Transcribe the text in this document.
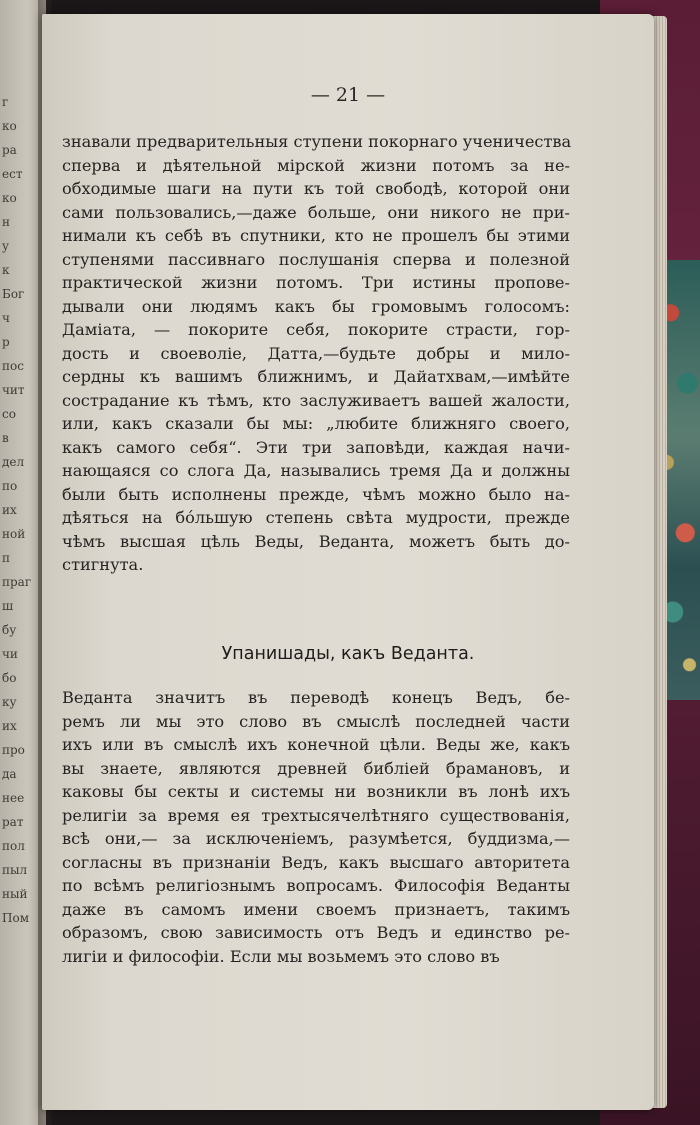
г
ко
ра
ест
ко
н
у
к
Бог
ч
р
пос
чит
со
в
дел
по
их
ной
п
праг
ш
бу
чи
бо
ку
их
про
да
нее
рат
пол
пыл
ный
Пом
— 21 —
знавали предварительныя ступени покорнаго ученичества
сперва и дѣятельной мірской жизни потомъ за не-
обходимые шаги на пути къ той свободѣ, которой они
сами пользовались,—даже больше, они никого не при-
нимали къ себѣ въ спутники, кто не прошелъ бы этими
ступенями пассивнаго послушанія сперва и полезной
практической жизни потомъ. Три истины пропове-
дывали они людямъ какъ бы громовымъ голосомъ:
Дамiата, — покорите себя, покорите страсти, гор-
дость и своеволіе, Датта,—будьте добры и мило-
сердны къ вашимъ ближнимъ, и Дайатхвам,—имѣйте
сострадание къ тѣмъ, кто заслуживаетъ вашей жалости,
или, какъ сказали бы мы: „любите ближняго своего,
какъ самого себя“. Эти три заповѣди, каждая начи-
нающаяся со слога Да, назывались тремя Да и должны
были быть исполнены прежде, чѣмъ можно было на-
дѣяться на бо́льшую степень свѣта мудрости, прежде
чѣмъ высшая цѣль Веды, Веданта, можетъ быть до-
стигнута.
Упанишады, какъ Веданта.
Веданта значитъ въ переводѣ конецъ Ведъ, бе-
ремъ ли мы это слово въ смыслѣ последней части
ихъ или въ смыслѣ ихъ конечной цѣли. Веды же, какъ
вы знаете, являются древней библіей брамановъ, и
каковы бы секты и системы ни возникли въ лонѣ ихъ
религіи за время ея трехтысячелѣтняго существованія,
всѣ они,— за исключеніемъ, разумѣется, буддизма,—
согласны въ признаніи Ведъ, какъ высшаго авторитета
по всѣмъ религіознымъ вопросамъ. Философія Веданты
даже въ самомъ имени своемъ признаетъ, такимъ
образомъ, свою зависимость отъ Ведъ и единство ре-
лигіи и философіи. Если мы возьмемъ это слово въ
